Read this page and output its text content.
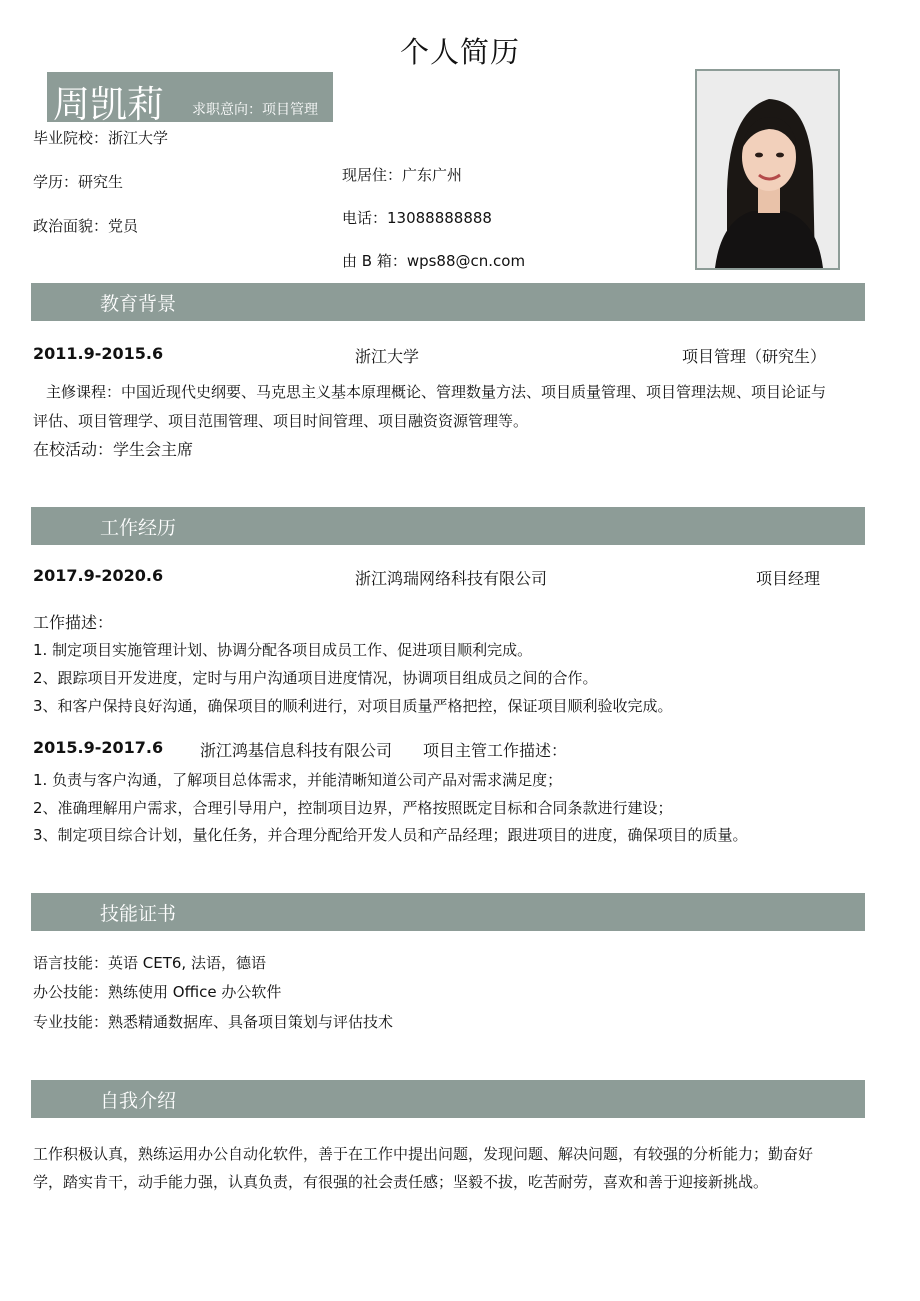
个人简历
周凯莉 求职意向：项目管理
毕业院校：浙江大学
学历：研究生
政治面貌：党员
现居住：广东广州
电话：13088888888
由 B 箱：wps88@cn.com
教育背景
2011.9-2015.6	浙江大学	项目管理（研究生）
主修课程：中国近现代史纲要、马克思主义基本原理概论、管理数量方法、项目质量管理、项目管理法规、项目论证与
评估、项目管理学、项目范围管理、项目时间管理、项目融资资源管理等。
在校活动：学生会主席
工作经历
2017.9-2020.6	浙江鸿瑞网络科技有限公司	项目经理
工作描述：
1. 制定项目实施管理计划、协调分配各项目成员工作、促进项目顺利完成。
2、跟踪项目开发进度，定时与用户沟通项目进度情况，协调项目组成员之间的合作。
3、和客户保持良好沟通，确保项目的顺利进行，对项目质量严格把控，保证项目顺利验收完成。
2015.9-2017.6 浙江鸿基信息科技有限公司 项目主管工作描述：
1. 负责与客户沟通，了解项目总体需求，并能清晰知道公司产品对需求满足度；
2、准确理解用户需求，合理引导用户，控制项目边界，严格按照既定目标和合同条款进行建设；
3、制定项目综合计划，量化任务，并合理分配给开发人员和产品经理；跟进项目的进度，确保项目的质量。
技能证书
语言技能：英语 CET6, 法语，德语
办公技能：熟练使用 Office 办公软件
专业技能：熟悉精通数据库、具备项目策划与评估技术
自我介绍
工作积极认真，熟练运用办公自动化软件，善于在工作中提出问题，发现问题、解决问题，有较强的分析能力；勤奋好
学，踏实肯干，动手能力强，认真负责，有很强的社会责任感；坚毅不拔，吃苦耐劳，喜欢和善于迎接新挑战。
